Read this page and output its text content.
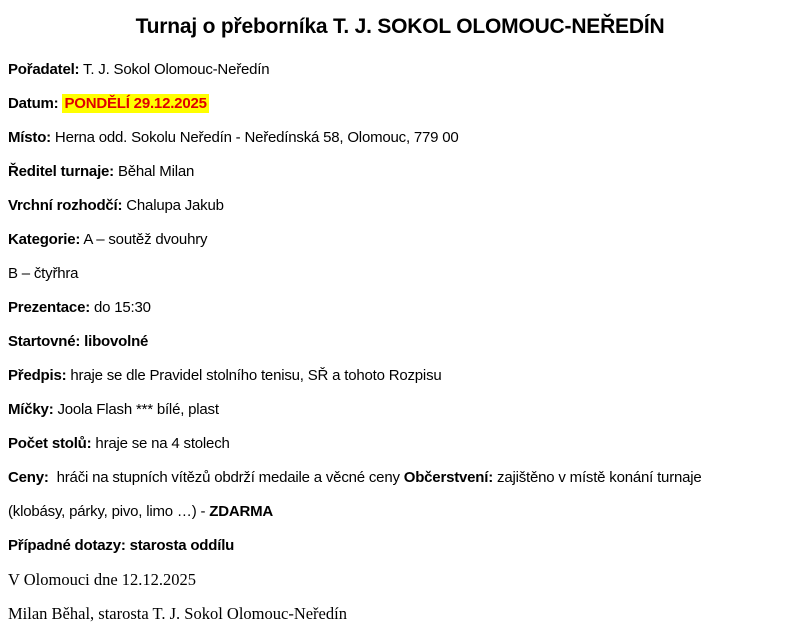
Turnaj o přeborníka T. J. SOKOL OLOMOUC-NEŘEDÍN

Pořadatel: T. J. Sokol Olomouc-Neředín

Datum: PONDĚLÍ 29.12.2025

Místo: Herna odd. Sokolu Neředín - Neředínská 58, Olomouc, 779 00

Ředitel turnaje: Běhal Milan

Vrchní rozhodčí: Chalupa Jakub

Kategorie: A – soutěž dvouhry

B – čtyřhra

Prezentace: do 15:30

Startovné: libovolné

Předpis: hraje se dle Pravidel stolního tenisu, SŘ a tohoto Rozpisu

Míčky: Joola Flash *** bílé, plast

Počet stolů: hraje se na 4 stolech

Ceny:  hráči na stupních vítězů obdrží medaile a věcné ceny Občerstvení: zajištěno v místě konání turnaje

(klobásy, párky, pivo, limo …) - ZDARMA

Případné dotazy: starosta oddílu

V Olomouci dne 12.12.2025

Milan Běhal, starosta T. J. Sokol Olomouc-Neředín
